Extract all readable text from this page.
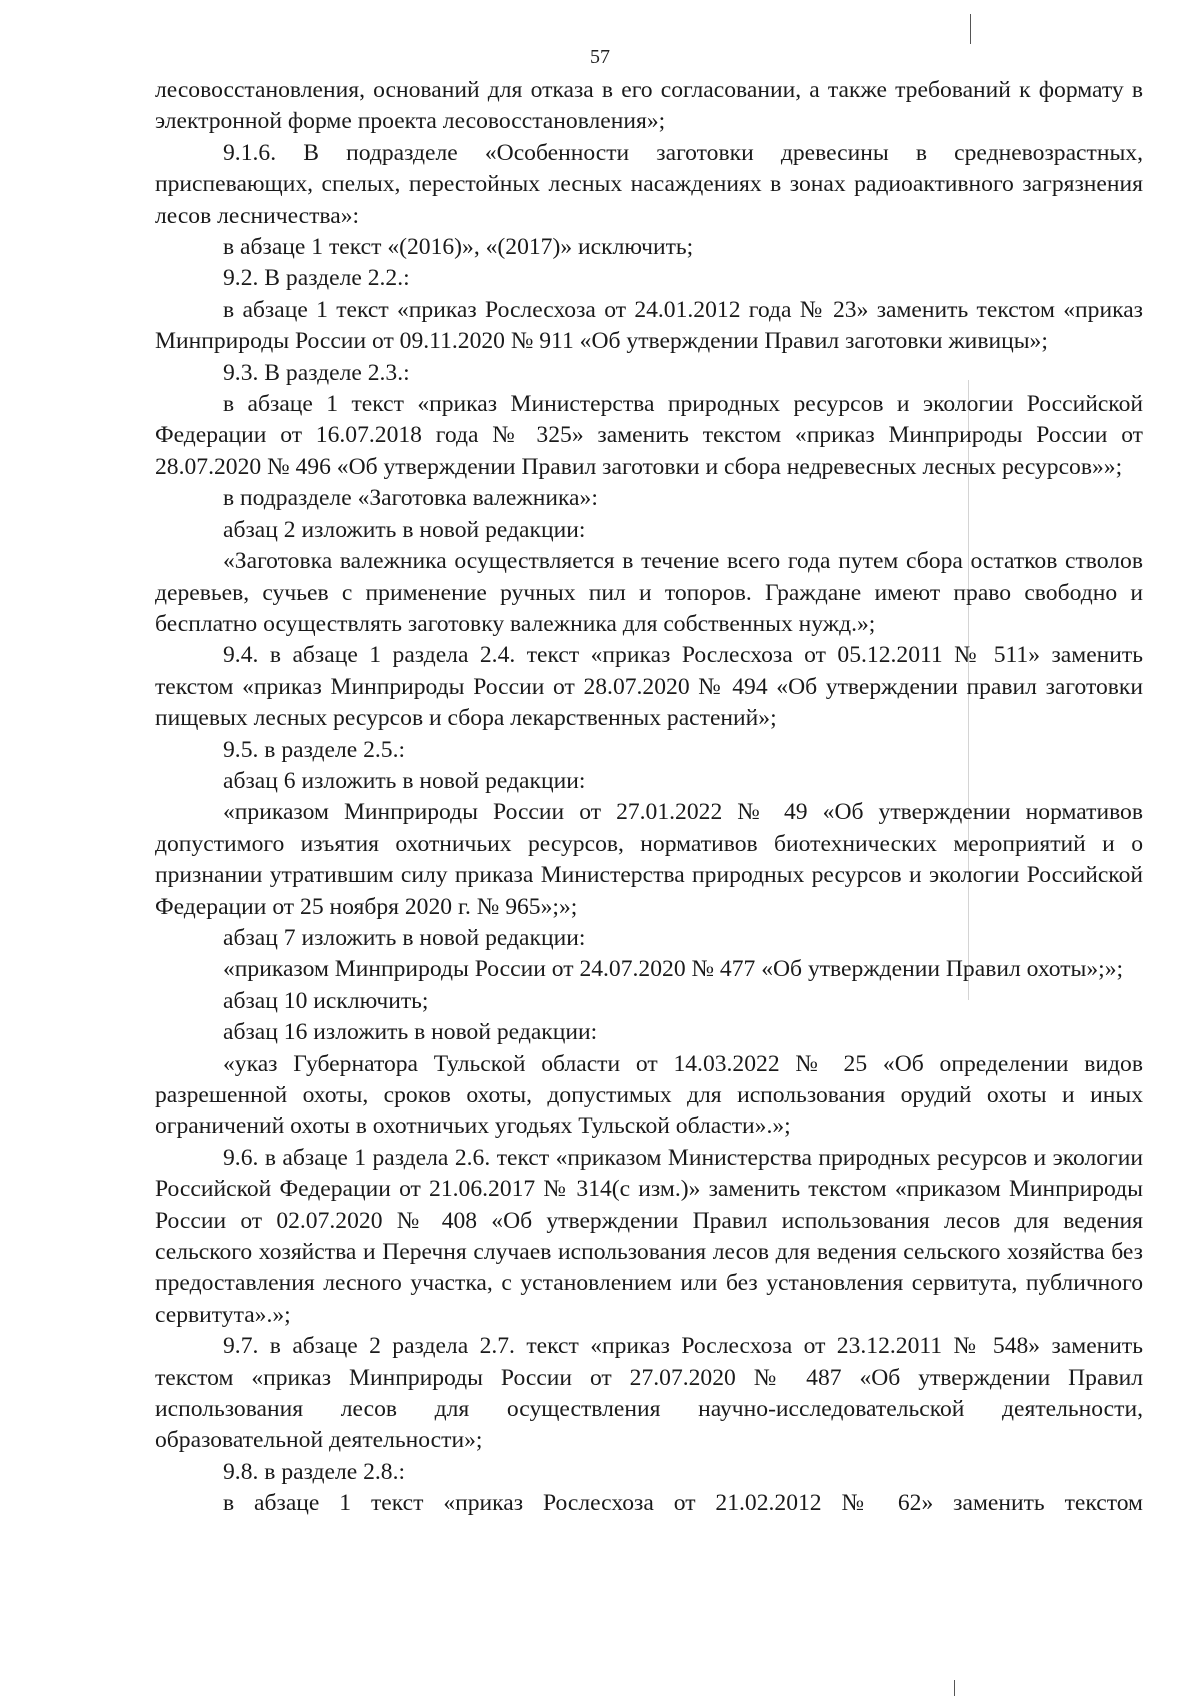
57

лесовосстановления, оснований для отказа в его согласовании, а также требований к формату в электронной форме проекта лесовосстановления»;

9.1.6. В подразделе «Особенности заготовки древесины в средневозрастных, приспевающих, спелых, перестойных лесных насаждениях в зонах радиоактивного загрязнения лесов лесничества»:

в абзаце 1 текст «(2016)», «(2017)» исключить;

9.2. В разделе 2.2.:

в абзаце 1 текст «приказ Рослесхоза от 24.01.2012 года № 23» заменить текстом «приказ Минприроды России от 09.11.2020 № 911 «Об утверждении Правил заготовки живицы»;

9.3. В разделе 2.3.:

в абзаце 1 текст «приказ Министерства природных ресурсов и экологии Российской Федерации от 16.07.2018 года № 325» заменить текстом «приказ Минприроды России от 28.07.2020 № 496 «Об утверждении Правил заготовки и сбора недревесных лесных ресурсов»»;

в подразделе «Заготовка валежника»:

абзац 2 изложить в новой редакции:

«Заготовка валежника осуществляется в течение всего года путем сбора остатков стволов деревьев, сучьев с применение ручных пил и топоров. Граждане имеют право свободно и бесплатно осуществлять заготовку валежника для собственных нужд.»;

9.4. в абзаце 1 раздела 2.4. текст «приказ Рослесхоза от 05.12.2011 № 511» заменить текстом «приказ Минприроды России от 28.07.2020 № 494 «Об утверждении правил заготовки пищевых лесных ресурсов и сбора лекарственных растений»;

9.5. в разделе 2.5.:

абзац 6 изложить в новой редакции:

«приказом Минприроды России от 27.01.2022 № 49 «Об утверждении нормативов допустимого изъятия охотничьих ресурсов, нормативов биотехнических мероприятий и о признании утратившим силу приказа Министерства природных ресурсов и экологии Российской Федерации от 25 ноября 2020 г. № 965»;»;

абзац 7 изложить в новой редакции:

«приказом Минприроды России от 24.07.2020 № 477 «Об утверждении Правил охоты»;»;

абзац 10 исключить;

абзац 16 изложить в новой редакции:

«указ Губернатора Тульской области от 14.03.2022 № 25 «Об определении видов разрешенной охоты, сроков охоты, допустимых для использования орудий охоты и иных ограничений охоты в охотничьих угодьях Тульской области».»;

9.6. в абзаце 1 раздела 2.6. текст «приказом Министерства природных ресурсов и экологии Российской Федерации от 21.06.2017 № 314(с изм.)» заменить текстом «приказом Минприроды России от 02.07.2020 № 408 «Об утверждении Правил использования лесов для ведения сельского хозяйства и Перечня случаев использования лесов для ведения сельского хозяйства без предоставления лесного участка, с установлением или без установления сервитута, публичного сервитута».»;

9.7. в абзаце 2 раздела 2.7. текст «приказ Рослесхоза от 23.12.2011 № 548» заменить текстом «приказ Минприроды России от 27.07.2020 № 487 «Об утверждении Правил использования лесов для осуществления научно-исследовательской деятельности, образовательной деятельности»;

9.8. в разделе 2.8.:

в абзаце 1 текст «приказ Рослесхоза от 21.02.2012 № 62» заменить текстом
